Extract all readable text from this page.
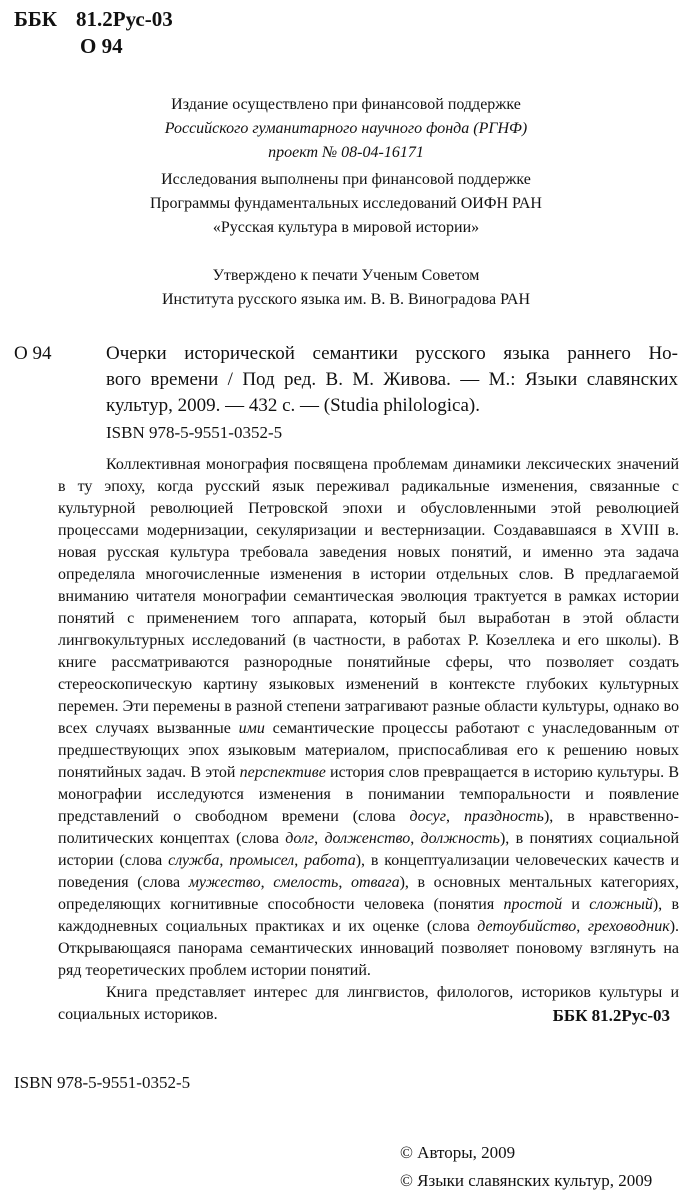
ББК 81.2Рус-03
О 94
Издание осуществлено при финансовой поддержке
Российского гуманитарного научного фонда (РГНФ)
проект № 08-04-16171
Исследования выполнены при финансовой поддержке
Программы фундаментальных исследований ОИФН РАН
«Русская культура в мировой истории»
Утверждено к печати Ученым Советом
Института русского языка им. В. В. Виноградова РАН
О 94	Очерки исторической семантики русского языка раннего Но-
вого времени / Под ред. В. М. Живова. — М.: Языки славянских
культур, 2009. — 432 с. — (Studia philologica).
ISBN 978-5-9551-0352-5

Коллективная монография посвящена проблемам динамики лексических значений в ту эпоху, когда русский язык переживал радикальные изменения, связанные с культурной революцией Петровской эпохи и обусловленными этой революцией процессами модернизации, секуляризации и вестернизации. Создававшаяся в XVIII в. новая русская культура требовала заведения новых понятий, и именно эта задача определяла многочисленные изменения в истории отдельных слов. В предлагаемой вниманию читателя монографии семантическая эволюция трактуется в рамках истории понятий с применением того аппарата, который был выработан в этой области лингвокультурных исследований (в частности, в работах Р. Козеллека и его школы). В книге рассматриваются разнородные понятийные сферы, что позволяет создать стереоскопическую картину языковых изменений в контексте глубоких культурных перемен. Эти перемены в разной степени затрагивают разные области культуры, однако во всех случаях вызванные ими семантические процессы работают с унаследованным от предшествующих эпох языковым материалом, приспосабливая его к решению новых понятийных задач. В этой перспективе история слов превращается в историю культуры. В монографии исследуются изменения в понимании темпоральности и появление представлений о свободном времени (слова досуг, праздность), в нравственно-политических концептах (слова долг, долженство, должность), в понятиях социальной истории (слова служба, промысел, работа), в концептуализации человеческих качеств и поведения (слова мужество, смелость, отвага), в основных ментальных категориях, определяющих когнитивные способности человека (понятия простой и сложный), в каждодневных социальных практиках и их оценке (слова детоубийство, греховодник). Открывающаяся панорама семантических инноваций позволяет поновому взглянуть на ряд теоретических проблем истории понятий.

Книга представляет интерес для лингвистов, филологов, историков культуры и социальных историков.	ББК 81.2Рус-03
ISBN 978-5-9551-0352-5
© Авторы, 2009
© Языки славянских культур, 2009
